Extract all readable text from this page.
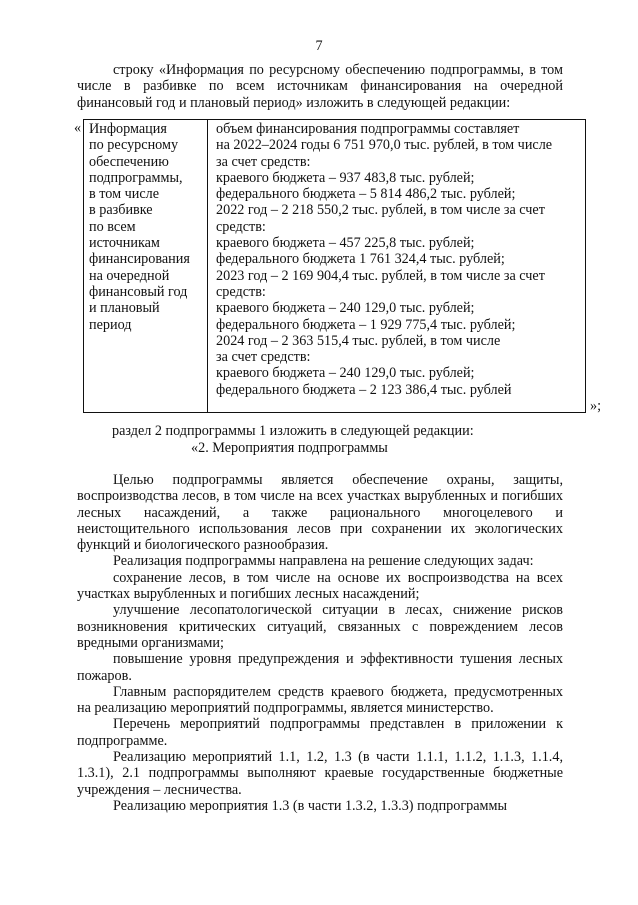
7

строку «Информация по ресурсному обеспечению подпрограммы, в том числе в разбивке по всем источникам финансирования на очередной финансовый год и плановый период» изложить в следующей редакции:

« Информация
по ресурсному
обеспечению
подпрограммы,
в том числе
в разбивке
по всем
источникам
финансирования
на очередной
финансовый год
и плановый
период
объем финансирования подпрограммы составляет
на 2022–2024 годы 6 751 970,0 тыс. рублей, в том числе
за счет средств:
краевого бюджета – 937 483,8 тыс. рублей;
федерального бюджета – 5 814 486,2 тыс. рублей;
2022 год – 2 218 550,2 тыс. рублей, в том числе за счет
средств:
краевого бюджета – 457 225,8 тыс. рублей;
федерального бюджета 1 761 324,4 тыс. рублей;
2023 год – 2 169 904,4 тыс. рублей, в том числе за счет
средств:
краевого бюджета – 240 129,0 тыс. рублей;
федерального бюджета – 1 929 775,4 тыс. рублей;
2024 год – 2 363 515,4 тыс. рублей, в том числе
за счет средств:
краевого бюджета – 240 129,0 тыс. рублей;
федерального бюджета – 2 123 386,4 тыс. рублей
»;
раздел 2 подпрограммы 1 изложить в следующей редакции:
«2. Мероприятия подпрограммы

Целью подпрограммы является обеспечение охраны, защиты, воспроизводства лесов, в том числе на всех участках вырубленных и погибших лесных насаждений, а также рационального многоцелевого и неистощительного использования лесов при сохранении их экологических функций и биологического разнообразия.

Реализация подпрограммы направлена на решение следующих задач:

сохранение лесов, в том числе на основе их воспроизводства на всех участках вырубленных и погибших лесных насаждений;

улучшение лесопатологической ситуации в лесах, снижение рисков возникновения критических ситуаций, связанных с повреждением лесов вредными организмами;

повышение уровня предупреждения и эффективности тушения лесных пожаров.

Главным распорядителем средств краевого бюджета, предусмотренных на реализацию мероприятий подпрограммы, является министерство.

Перечень мероприятий подпрограммы представлен в приложении к подпрограмме.

Реализацию мероприятий 1.1, 1.2, 1.3 (в части 1.1.1, 1.1.2, 1.1.3, 1.1.4, 1.3.1), 2.1 подпрограммы выполняют краевые государственные бюджетные учреждения – лесничества.

Реализацию мероприятия 1.3 (в части 1.3.2, 1.3.3) подпрограммы
